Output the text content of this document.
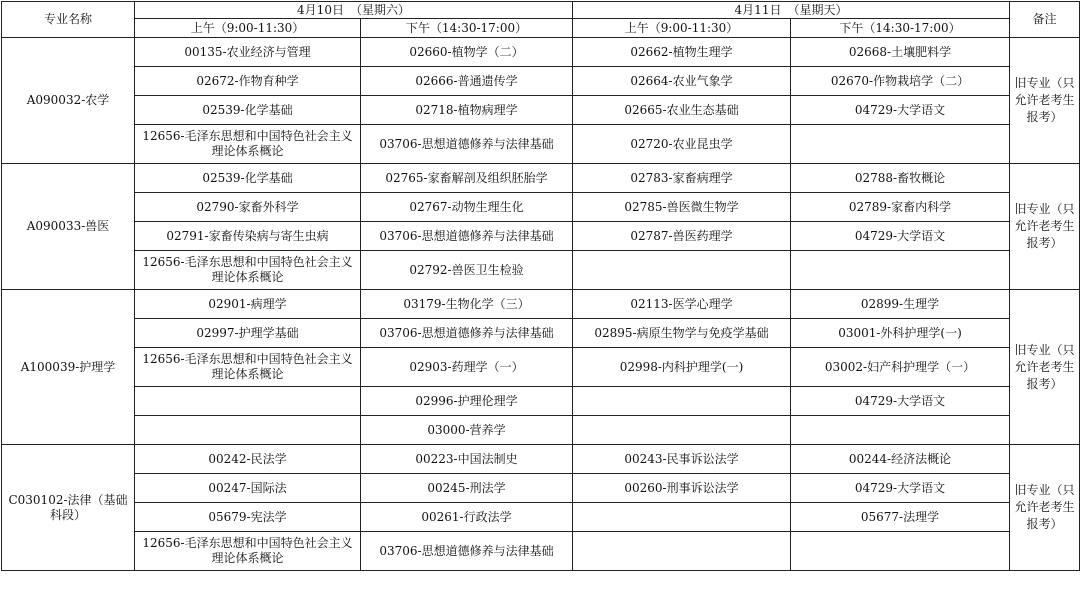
专业名称	4月10日　（星期六）		4月11日　（星期天）		备注
	上午（9:00-11:30）	下午（14:30-17:00）	上午（9:00-11:30）	下午（14:30-17:00）	
A090032-农学	00135-农业经济与管理	02660-植物学（二）	02662-植物生理学	02668-土壤肥料学	旧专业（只允许老考生报考）
	02672-作物育种学	02666-普通遗传学	02664-农业气象学	02670-作物栽培学（二）	
	02539-化学基础	02718-植物病理学	02665-农业生态基础	04729-大学语文	
	12656-毛泽东思想和中国特色社会主义理论体系概论	03706-思想道德修养与法律基础	02720-农业昆虫学		
A090033-兽医	02539-化学基础	02765-家畜解剖及组织胚胎学	02783-家畜病理学	02788-畜牧概论	旧专业（只允许老考生报考）
	02790-家畜外科学	02767-动物生理生化	02785-兽医微生物学	02789-家畜内科学	
	02791-家畜传染病与寄生虫病	03706-思想道德修养与法律基础	02787-兽医药理学	04729-大学语文	
	12656-毛泽东思想和中国特色社会主义理论体系概论	02792-兽医卫生检验			
A100039-护理学	02901-病理学	03179-生物化学（三）	02113-医学心理学	02899-生理学	旧专业（只允许老考生报考）
	02997-护理学基础	03706-思想道德修养与法律基础	02895-病原生物学与免疫学基础	03001-外科护理学(一)	
	12656-毛泽东思想和中国特色社会主义理论体系概论	02903-药理学（一）	02998-内科护理学(一)	03002-妇产科护理学（一）	
		02996-护理伦理学		04729-大学语文	
		03000-营养学			
C030102-法律（基础科段）	00242-民法学	00223-中国法制史	00243-民事诉讼法学	00244-经济法概论	旧专业（只允许老考生报考）
	00247-国际法	00245-刑法学	00260-刑事诉讼法学	04729-大学语文	
	05679-宪法学	00261-行政法学		05677-法理学	
	12656-毛泽东思想和中国特色社会主义理论体系概论	03706-思想道德修养与法律基础			
